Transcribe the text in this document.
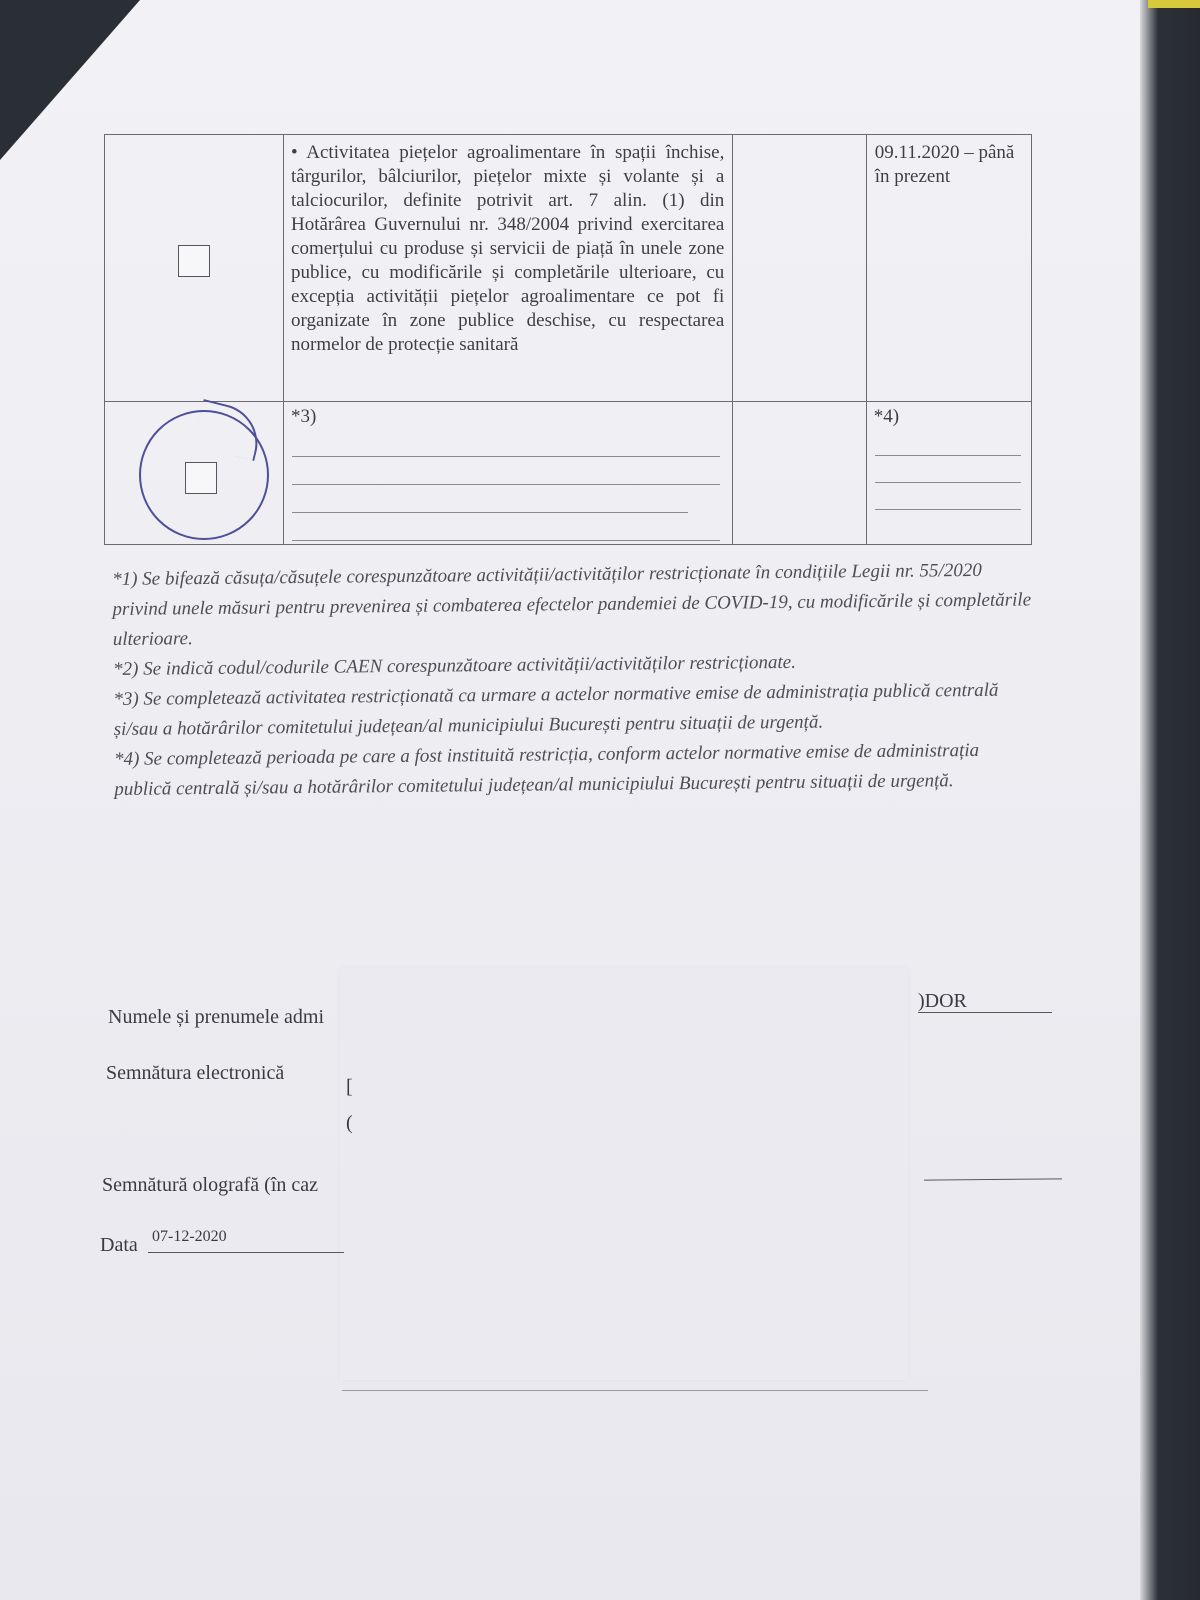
	• Activitatea piețelor agroalimentare în spații închise, târgurilor, bâlciurilor, piețelor mixte și volante și a talciocurilor, definite potrivit art. 7 alin. (1) din Hotărârea Guvernului nr. 348/2004 privind exercitarea comerțului cu produse și servicii de piață în unele zone publice, cu modificările și completările ulterioare, cu excepția activității piețelor agroalimentare ce pot fi organizate în zone publice deschise, cu respectarea normelor de protecție sanitară		09.11.2020 – până în prezent

	*3)		*4)

*1) Se bifează căsuța/căsuțele corespunzătoare activității/activităților restricționate în condițiile Legii nr. 55/2020 privind unele măsuri pentru prevenirea și combaterea efectelor pandemiei de COVID-19, cu modificările și completările ulterioare.

*2) Se indică codul/codurile CAEN corespunzătoare activității/activităților restricționate.

*3) Se completează activitatea restricționată ca urmare a actelor normative emise de administrația publică centrală și/sau a hotărârilor comitetului județean/al municipiului București pentru situații de urgență.

*4) Se completează perioada pe care a fost instituită restricția, conform actelor normative emise de administrația publică centrală și/sau a hotărârilor comitetului județean/al municipiului București pentru situații de urgență.

Numele și prenumele admi
)DOR
Semnătura electronică
[
(
Semnătură olografă (în caz
Data 07-12-2020
